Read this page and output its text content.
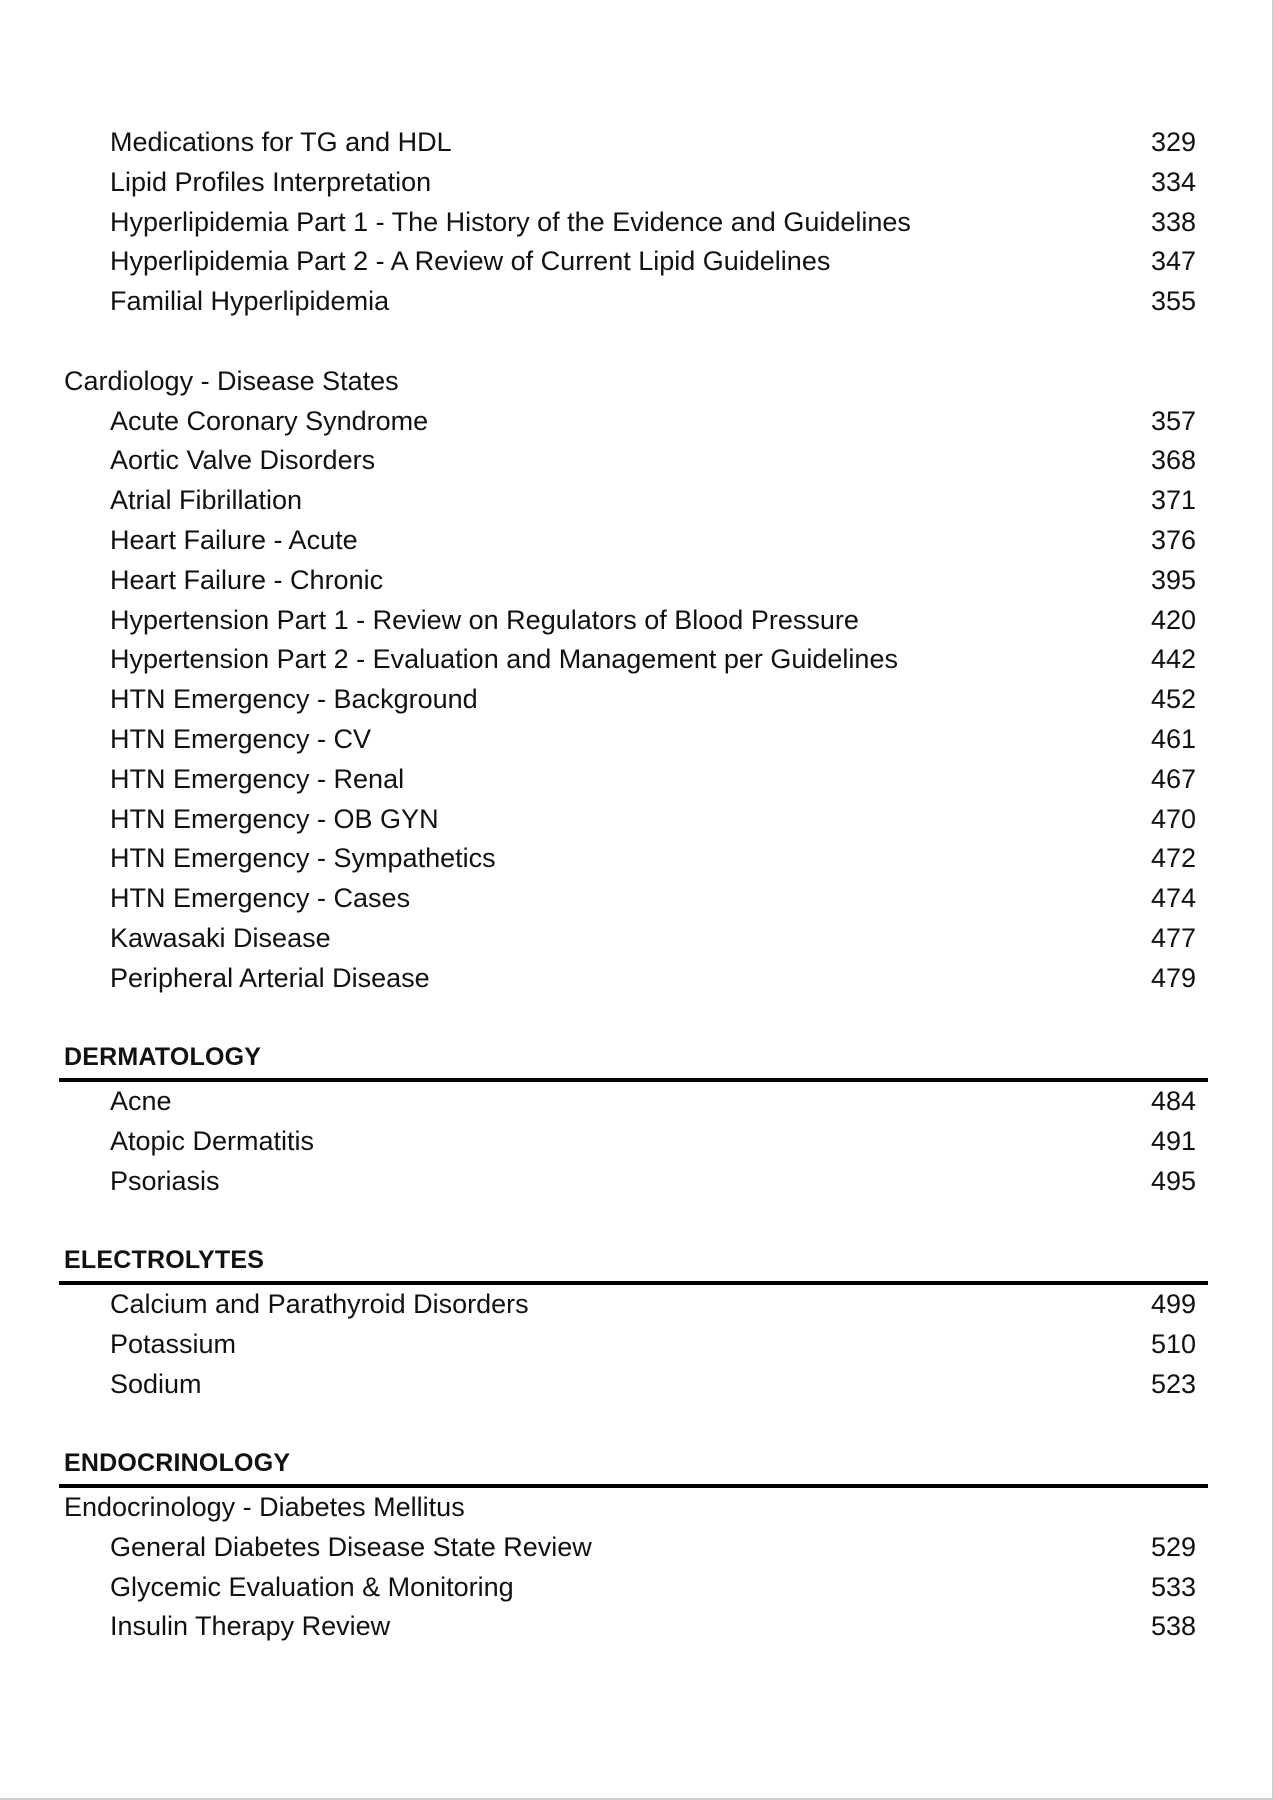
Medications for TG and HDL	329
Lipid Profiles Interpretation	334
Hyperlipidemia Part 1 - The History of the Evidence and Guidelines	338
Hyperlipidemia Part 2 - A Review of Current Lipid Guidelines	347
Familial Hyperlipidemia	355
Cardiology - Disease States
Acute Coronary Syndrome	357
Aortic Valve Disorders	368
Atrial Fibrillation	371
Heart Failure - Acute	376
Heart Failure - Chronic	395
Hypertension Part 1 - Review on Regulators of Blood Pressure	420
Hypertension Part 2 - Evaluation and Management per Guidelines	442
HTN Emergency - Background	452
HTN Emergency - CV	461
HTN Emergency - Renal	467
HTN Emergency - OB GYN	470
HTN Emergency - Sympathetics	472
HTN Emergency - Cases	474
Kawasaki Disease	477
Peripheral Arterial Disease	479
DERMATOLOGY
Acne	484
Atopic Dermatitis	491
Psoriasis	495
ELECTROLYTES
Calcium and Parathyroid Disorders	499
Potassium	510
Sodium	523
ENDOCRINOLOGY
Endocrinology - Diabetes Mellitus
General Diabetes Disease State Review	529
Glycemic Evaluation & Monitoring	533
Insulin Therapy Review	538
